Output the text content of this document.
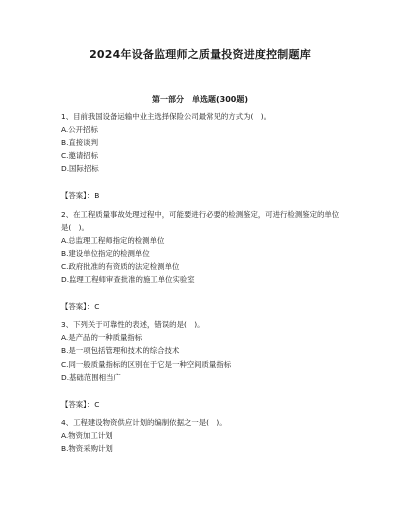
2024年设备监理师之质量投资进度控制题库
第一部分　单选题(300题)

1、目前我国设备运输中业主选择保险公司最常见的方式为(　)。

A.公开招标

B.直接谈判

C.邀请招标

D.国际招标

【答案】：B

2、在工程质量事故处理过程中，可能要进行必要的检测鉴定，可进行检测鉴定的单位是(　)。

A.总监理工程师指定的检测单位

B.建设单位指定的检测单位

C.政府批准的有资质的法定检测单位

D.监理工程师审查批准的施工单位实验室

【答案】：C

3、下列关于可靠性的表述，错误的是(　)。

A.是产品的一种质量指标

B.是一项包括管理和技术的综合技术

C.同一般质量指标的区别在于它是一种空间质量指标

D.基础范围相当广

【答案】：C

4、工程建设物资供应计划的编制依据之一是(　)。

A.物资加工计划

B.物资采购计划
